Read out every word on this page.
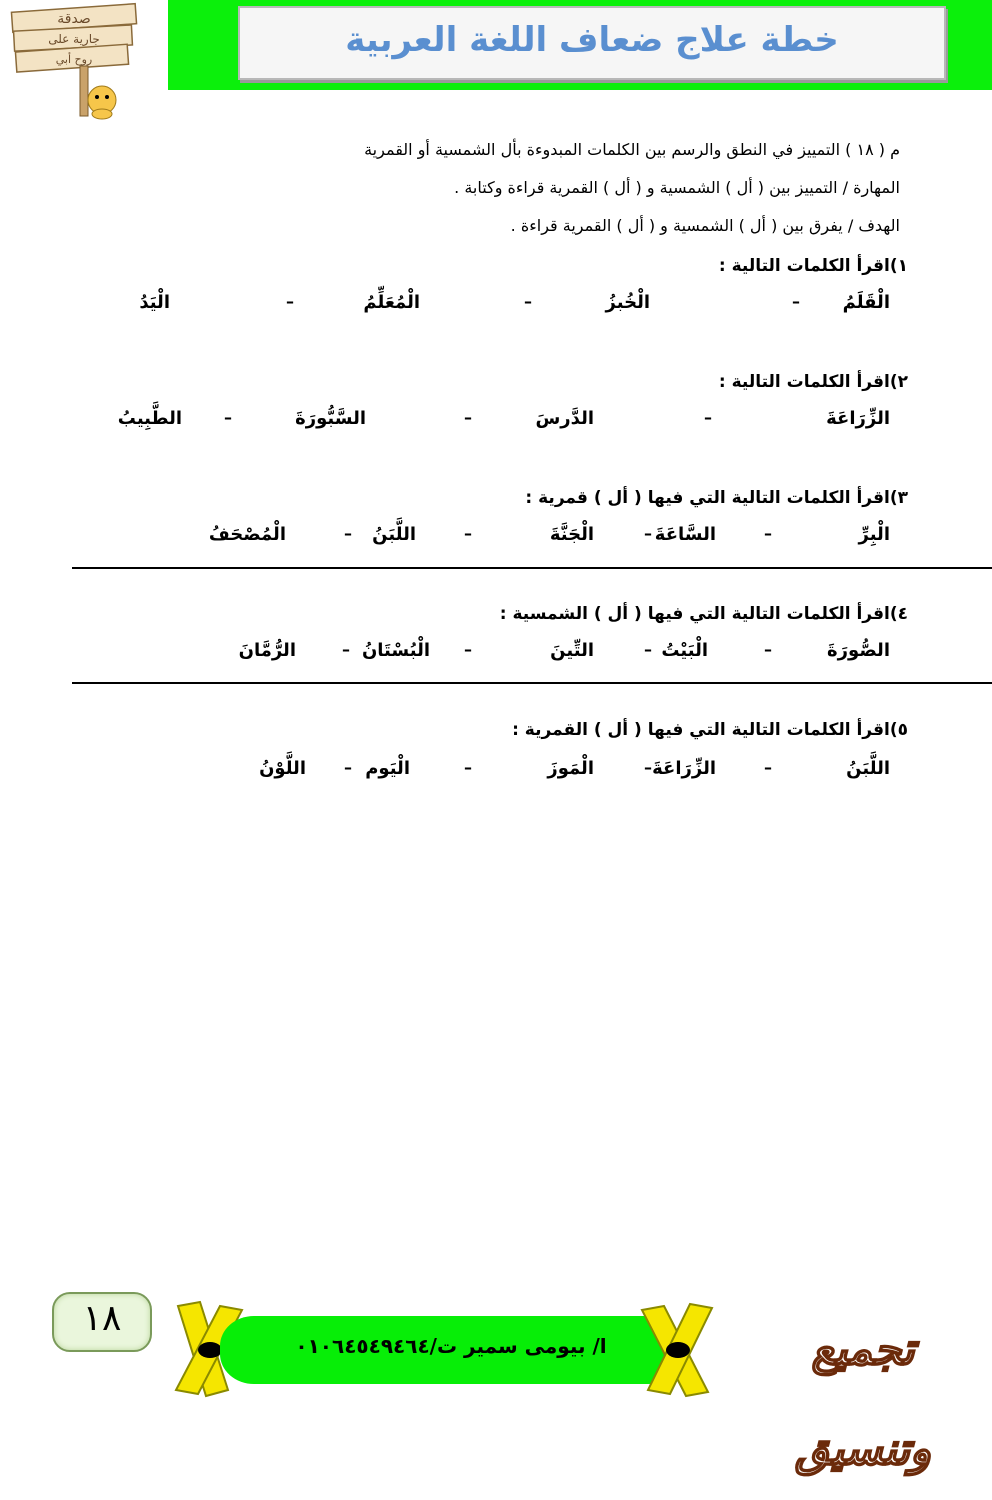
خطة علاج ضعاف اللغة العربية
صدقة
جارية على
روح أبي
م ( ١٨ ) التمييز في النطق والرسم بين الكلمات المبدوءة بأل الشمسية أو القمرية
المهارة / التمييز بين ( أل ) الشمسية و ( أل ) القمرية قراءة وكتابة .
الهدف / يفرق بين ( أل ) الشمسية و ( أل ) القمرية قراءة .
١)اقرأ الكلمات التالية :
الْقَلَمُ
–
الْخُبزُ
–
الْمُعَلِّمُ
–
الْيَدُ
٢)اقرأ الكلمات التالية :
الزِّرَاعَةَ
–
الدَّرسَ
–
السَّبُّورَةَ
–
الطَّبِيبُ
٣)اقرأ الكلمات التالية التي فيها ( أل ) قمرية :
الْبِرِّ
–
السَّاعَةَ
–
الْجَنَّةَ
–
اللَّبَنُ
–
الْمُصْحَفُ
٤)اقرأ الكلمات التالية التي فيها ( أل ) الشمسية :
الصُّورَةَ
–
الْبَيْتُ
–
التِّينَ
–
الْبُسْتَانُ
–
الرُّمَّانَ
٥)اقرأ الكلمات التالية التي فيها ( أل ) القمرية :
اللَّبَنُ
–
الزِّرَاعَةَ
–
الْمَوزَ
–
الْيَوم
–
اللَّوْنُ
١٨
ا/ بيومى سمير ت/٠١٠٦٤٥٤٩٤٦٤	تجميع وتنسيق
